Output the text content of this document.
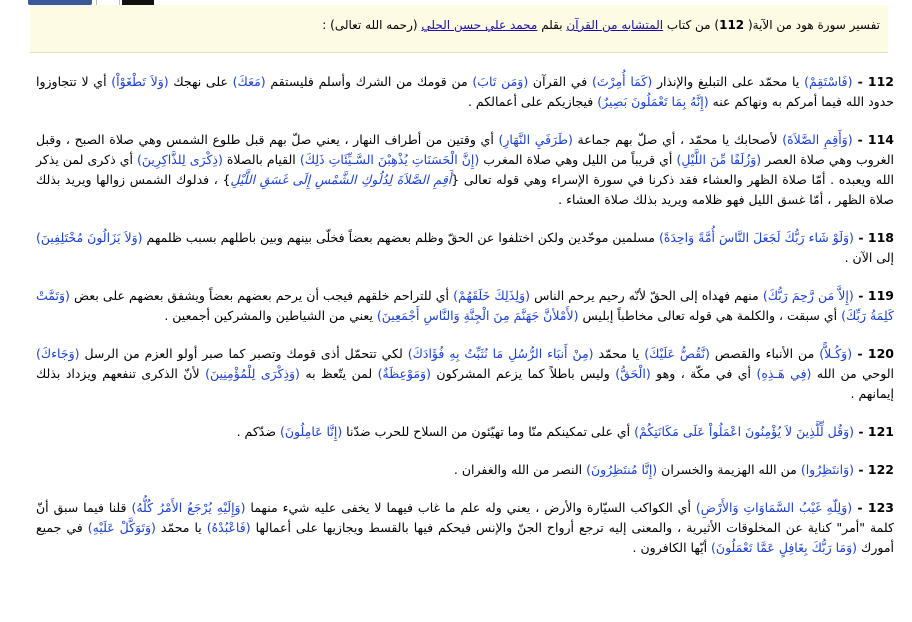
تفسير سورة هود من الآية( 112) من كتاب المتشابه من القرآن بقلم محمد علي حسن الحلي (رحمه الله تعالى) :

112 - (فَاسْتَقِمْ) يا محمّد على التبليغ والإنذار (كَمَا أُمِرْتَ) في القرآن (وَمَن تَابَ) من قومك من الشرك وأسلم فليستقم (مَعَكَ) على نهجك (وَلاَ تَطْغَوْاْ) أي لا تتجاوزوا حدود الله فيما أمركم به ونهاكم عنه (إِنَّهُ بِمَا تَعْمَلُونَ بَصِيرٌ) فيجازيكم على أعمالكم .

114 - (وَأَقِمِ الصَّلاَةَ) لأصحابك يا محمّد ، أي صلّ بهم جماعة (طَرَفَيِ النَّهَارِ) أي وقتين من أطراف النهار ، يعني صلّ بهم قبل طلوع الشمس وهي صلاة الصبح ، وقبل الغروب وهي صلاة العصر (وَزُلَفًا مِّنَ اللَّيْلِ) أي قريباً من الليل وهي صلاة المغرب (إِنَّ الْحَسَنَاتِ يُذْهِبْنَ السَّـيِّئَاتِ ذَلِكَ) القيام بالصلاة (ذِكْرَى لِلذَّاكِرِينَ) أي ذكرى لمن يذكر الله ويعبده . أمّا صلاة الظهر والعشاء فقد ذكرنا في سورة الإسراء وهي قوله تعالى {أَقِمِ الصَّلاَةَ لِدُلُوكِ الشَّمْسِ إِلَى غَسَقِ اللَّيْلِ} ، فدلوك الشمس زوالها ويريد بذلك صلاة الظهر ، أمّا غسق الليل فهو ظلامه ويريد بذلك صلاة العشاء .

118 - (وَلَوْ شَاء رَبُّكَ لَجَعَلَ النَّاسَ أُمَّةً وَاحِدَةً) مسلمين موحّدين ولكن اختلفوا عن الحقّ وظلم بعضهم بعضاً فخلّى بينهم وبين باطلهم بسبب ظلمهم (وَلاَ يَزَالُونَ مُخْتَلِفِينَ) إلى الآن .

119 - (إِلاَّ مَن رَّحِمَ رَبُّكَ) منهم فهداه إلى الحقّ لأنّه رحيم يرحم الناس (وَلِذَلِكَ خَلَقَهُمْ) أي للتراحم خلقهم فيجب أن يرحم بعضهم بعضاً ويشفق بعضهم على بعض (وَتَمَّتْ كَلِمَةُ رَبِّكَ) أي سبقت ، والكلمة هي قوله تعالى مخاطباً إبليس (لأَمْلأنَّ جَهَنَّمَ مِنَ الْجِنَّةِ وَالنَّاسِ أَجْمَعِينَ) يعني من الشياطين والمشركين أجمعين .

120 - (وَكُـلاًّ) من الأنباء والقصص (نَّقُصُّ عَلَيْكَ) يا محمّد (مِنْ أَنبَاء الرُّسُلِ مَا نُثَبِّتُ بِهِ فُؤَادَكَ) لكي تتحمّل أذى قومك وتصبر كما صبر أولو العزم من الرسل (وَجَاءكَ) الوحي من الله (فِي هَـذِهِ) أي في مكّة ، وهو (الْحَقُّ) وليس باطلاً كما يزعم المشركون (وَمَوْعِظَةٌ) لمن يتّعظ به (وَذِكْرَى لِلْمُؤْمِنِينَ) لأنّ الذكرى تنفعهم ويزداد بذلك إيمانهم .

121 - (وَقُل لِّلَّذِينَ لاَ يُؤْمِنُونَ اعْمَلُواْ عَلَى مَكَانَتِكُمْ) أي على تمكينكم منّا وما تهيّئون من السلاح للحرب ضدّنا (إِنَّا عَامِلُونَ) ضدّكم .

122 - (وَانتَظِرُوا) من الله الهزيمة والخسران (إِنَّا مُنتَظِرُونَ) النصر من الله والغفران .

123 - (وَلِلّهِ غَيْبُ السَّمَاوَاتِ وَالأَرْضِ) أي الكواكب السيّارة والأرض ، يعني وله علم ما غاب فيهما لا يخفى عليه شيء منهما (وَإِلَيْهِ يُرْجَعُ الأَمْرُ كُلُّهُ) قلنا فيما سبق أنّ كلمة "أمر" كناية عن المخلوقات الأثيرية ، والمعنى إليه ترجع أرواح الجنّ والإنس فيحكم فيها بالقسط ويجازيها على أعمالها (فَاعْبُدْهُ) يا محمّد (وَتَوَكَّلْ عَلَيْهِ) في جميع أمورك (وَمَا رَبُّكَ بِغَافِلٍ عَمَّا تَعْمَلُونَ) أيّها الكافرون .
